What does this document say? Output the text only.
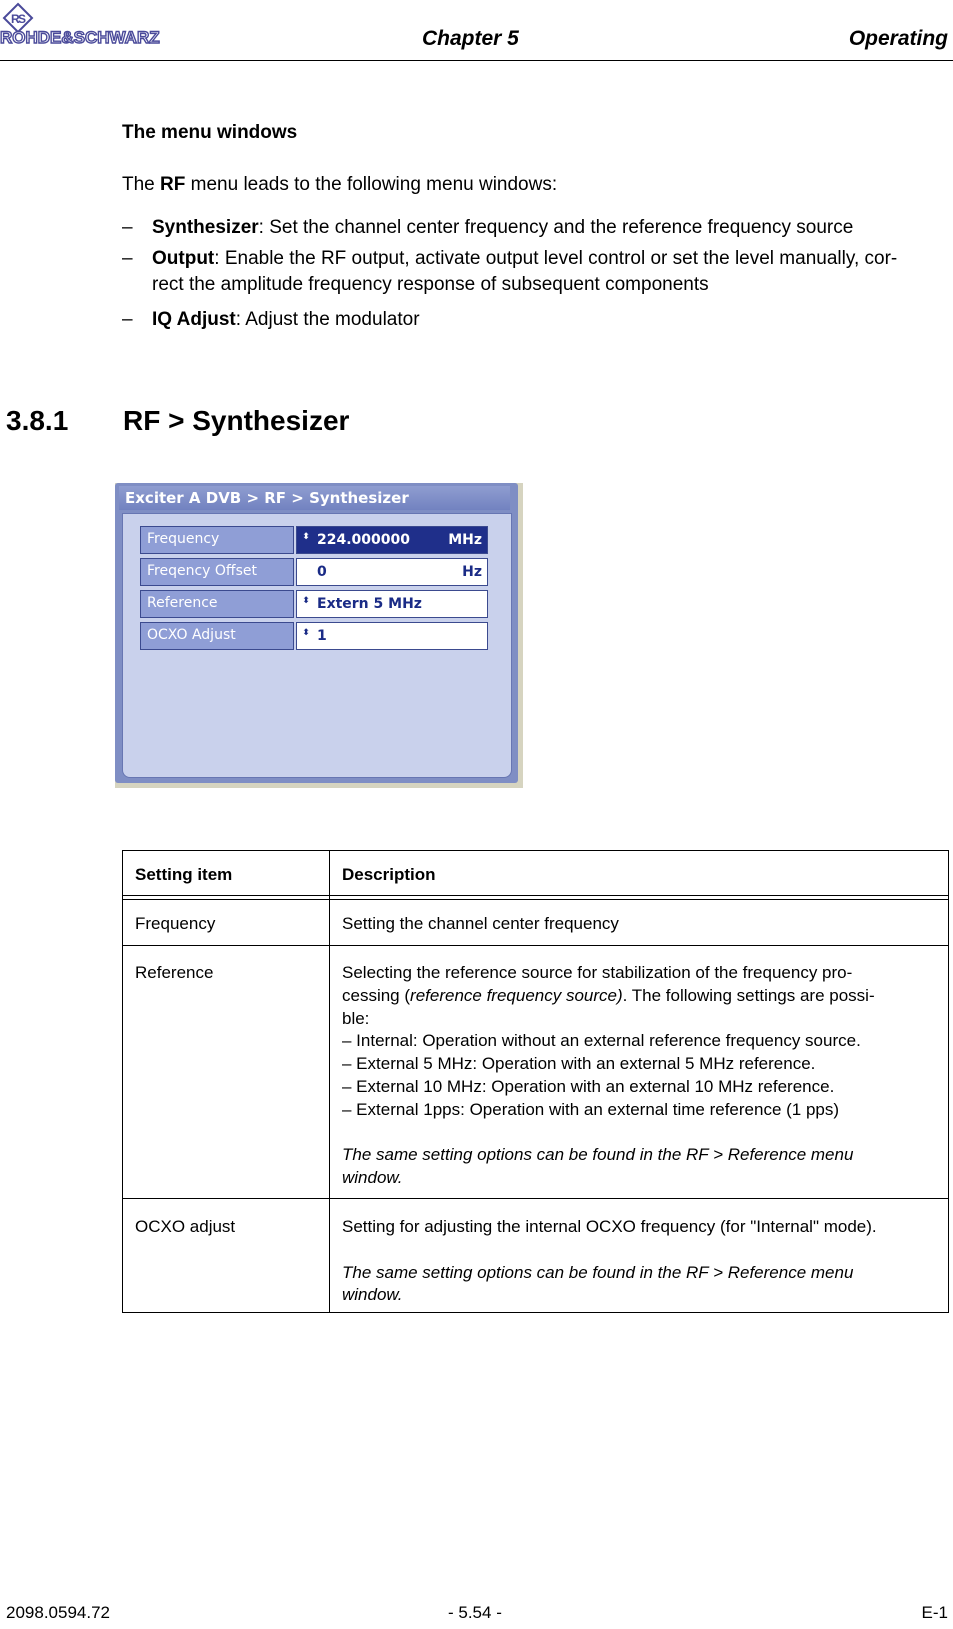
R
S
ROHDE&SCHWARZ	Chapter 5	Operating
The menu windows
The RF menu leads to the following menu windows:
– Synthesizer: Set the channel center frequency and the reference frequency source
– Output: Enable the RF output, activate output level control or set the level manually, cor-
rect the amplitude frequency response of subsequent components
– IQ Adjust: Adjust the modulator
3.8.1 RF > Synthesizer
Exciter A DVB > RF > Synthesizer
Frequency	⬍ 224.000000	MHz
Freqency Offset	0	Hz
Reference	⬍ Extern 5 MHz
OCXO Adjust	⬍ 1
Setting item	Description
Frequency	Setting the channel center frequency
Reference	Selecting the reference source for stabilization of the frequency pro-
cessing (reference frequency source). The following settings are possi-
ble:
– Internal: Operation without an external reference frequency source.
– External 5 MHz: Operation with an external 5 MHz reference.
– External 10 MHz: Operation with an external 10 MHz reference.
– External 1pps: Operation with an external time reference (1 pps)

The same setting options can be found in the RF > Reference menu
window.
OCXO adjust	Setting for adjusting the internal OCXO frequency (for "Internal" mode).

The same setting options can be found in the RF > Reference menu
window.
2098.0594.72	- 5.54 -	E-1
